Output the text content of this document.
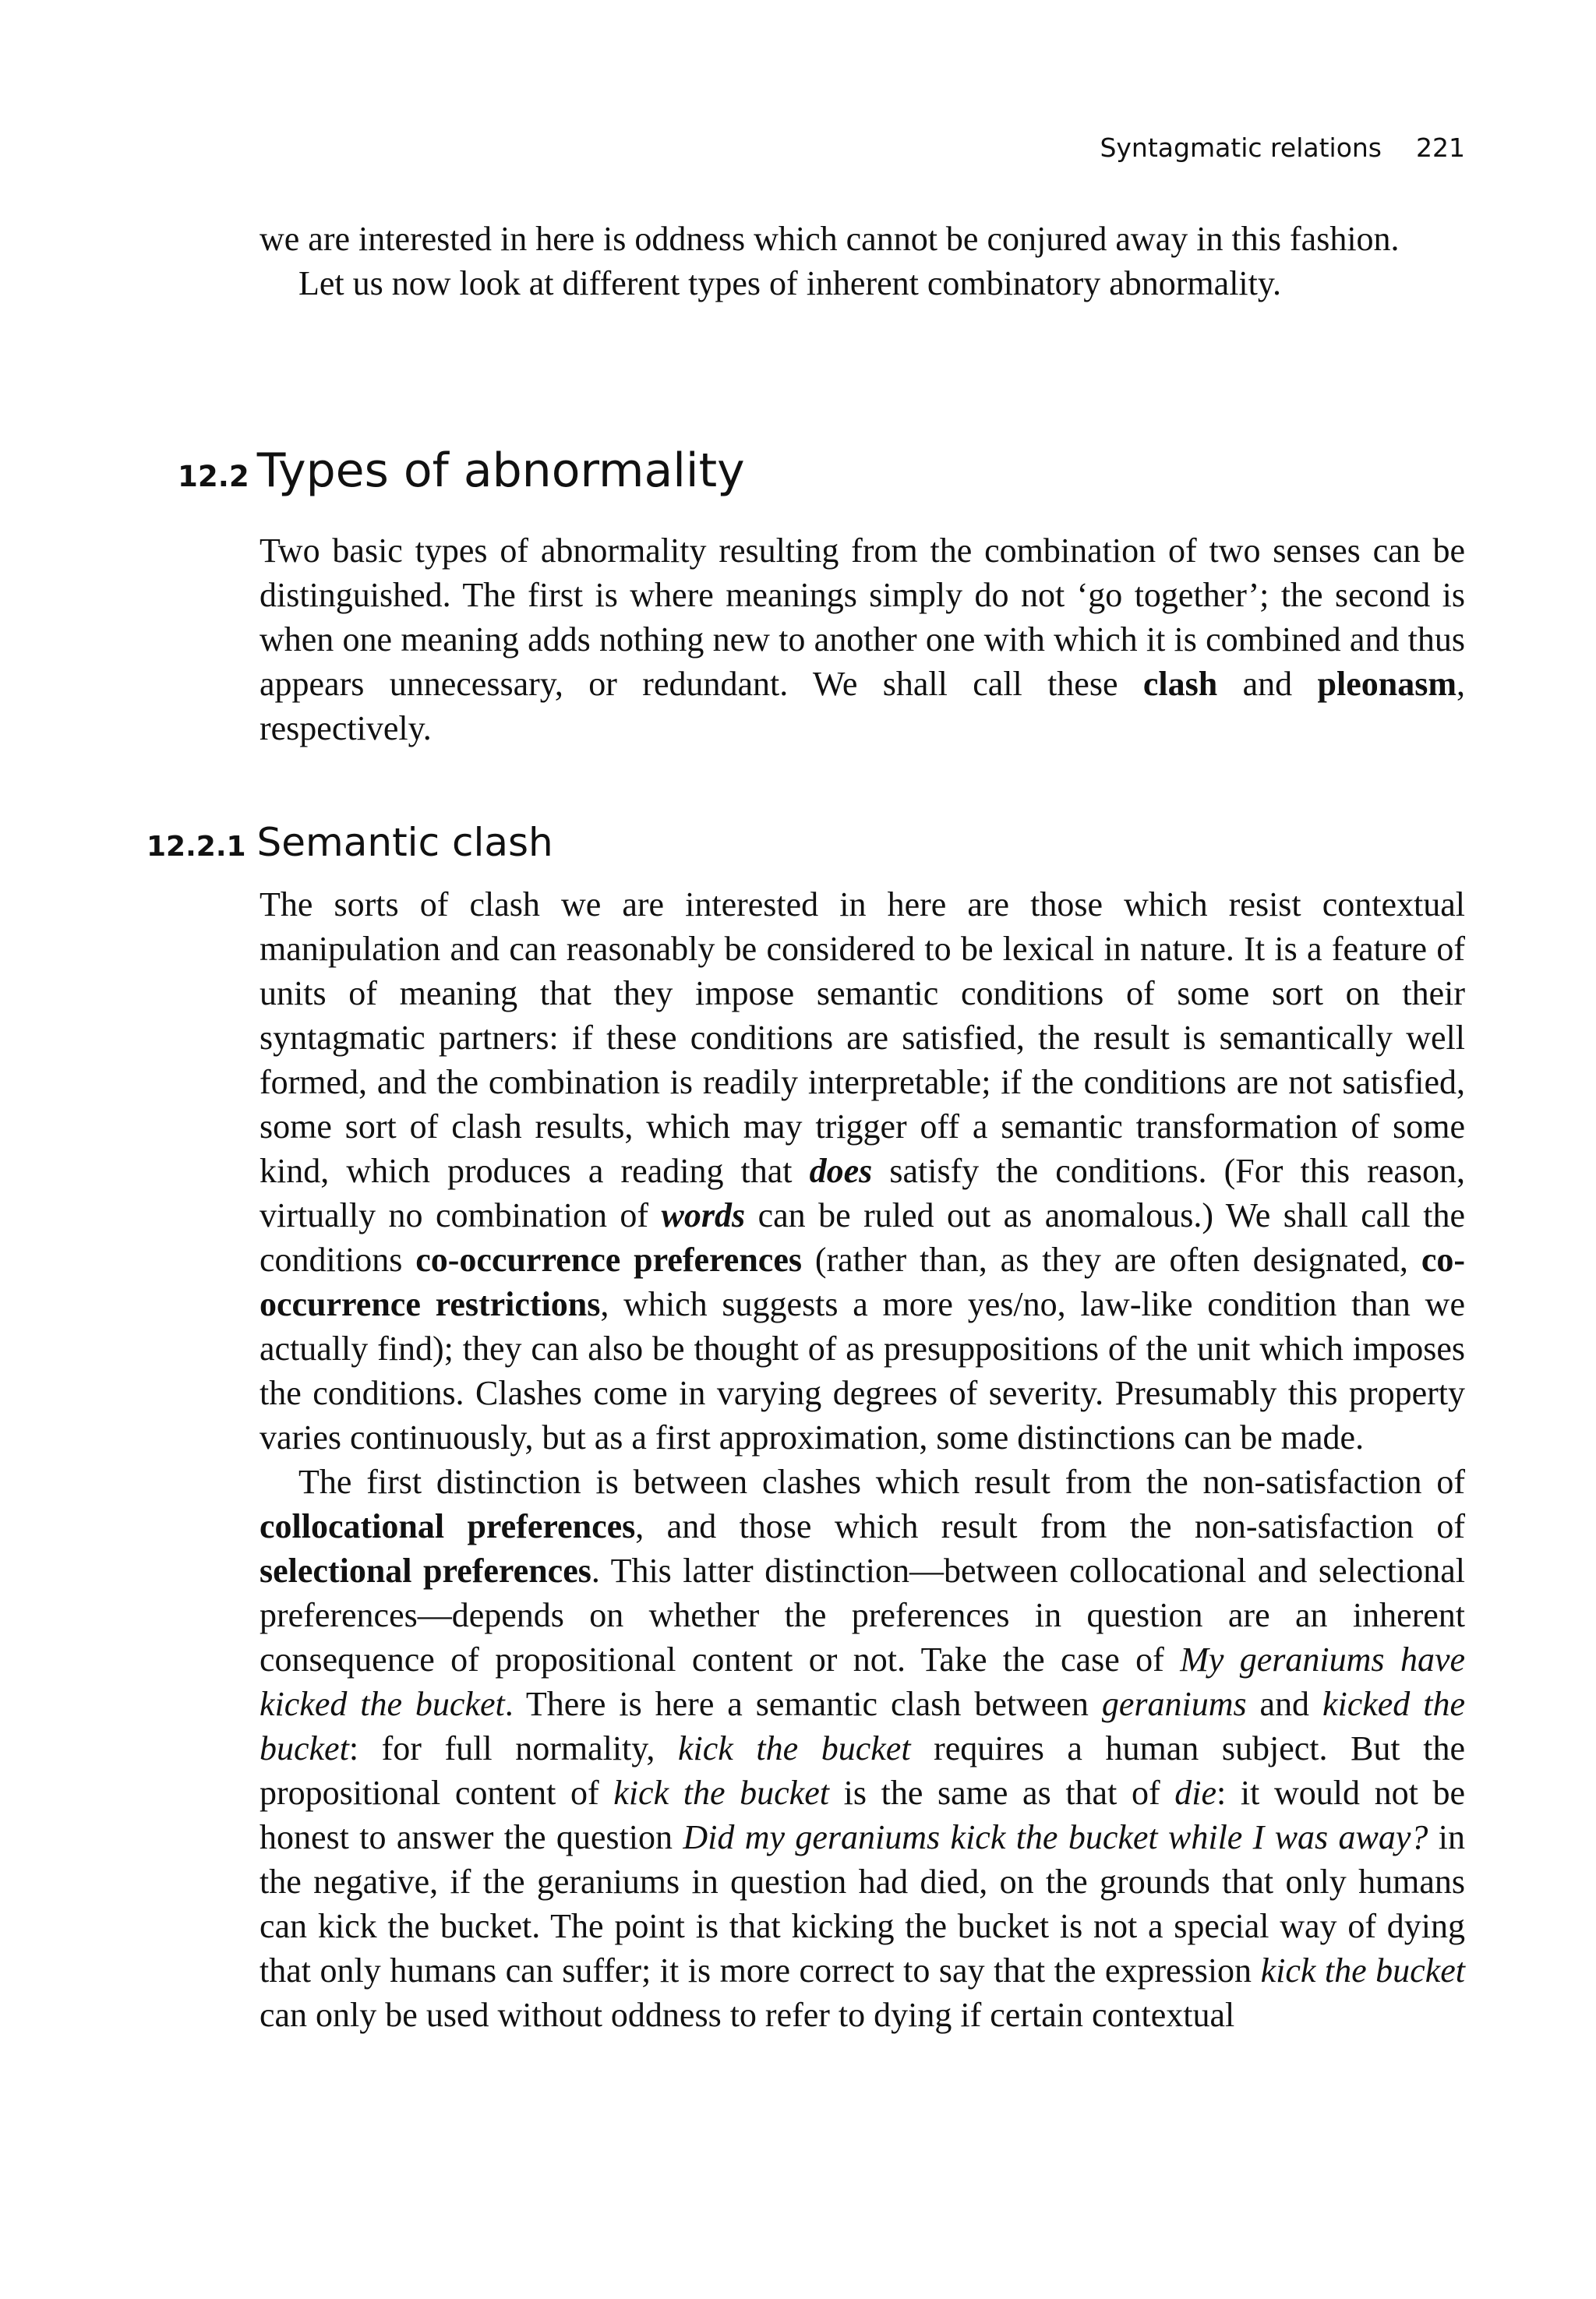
Syntagmatic relations 221

we are interested in here is oddness which cannot be conjured away in this fashion.

Let us now look at different types of inherent combinatory abnormality.

12.2 Types of abnormality

Two basic types of abnormality resulting from the combination of two senses can be distinguished. The first is where meanings simply do not ‘go together’; the second is when one meaning adds nothing new to another one with which it is combined and thus appears unnecessary, or redundant. We shall call these clash and pleonasm, respectively.

12.2.1 Semantic clash

The sorts of clash we are interested in here are those which resist contextual manipulation and can reasonably be considered to be lexical in nature. It is a feature of units of meaning that they impose semantic conditions of some sort on their syntagmatic partners: if these conditions are satisfied, the result is semantically well formed, and the combination is readily interpretable; if the conditions are not satisfied, some sort of clash results, which may trigger off a semantic transformation of some kind, which produces a reading that does satisfy the conditions. (For this reason, virtually no combination of words can be ruled out as anomalous.) We shall call the conditions co-occurrence preferences (rather than, as they are often designated, co-occurrence restrictions, which suggests a more yes/no, law-like condition than we actually find); they can also be thought of as presuppositions of the unit which imposes the conditions. Clashes come in varying degrees of severity. Presumably this property varies continuously, but as a first approximation, some distinctions can be made.

The first distinction is between clashes which result from the non-satisfaction of collocational preferences, and those which result from the non-satisfaction of selectional preferences. This latter distinction—between collocational and selectional preferences—depends on whether the preferences in question are an inherent consequence of propositional content or not. Take the case of My geraniums have kicked the bucket. There is here a semantic clash between geraniums and kicked the bucket: for full normality, kick the bucket requires a human subject. But the propositional content of kick the bucket is the same as that of die: it would not be honest to answer the question Did my geraniums kick the bucket while I was away? in the negative, if the geraniums in question had died, on the grounds that only humans can kick the bucket. The point is that kicking the bucket is not a special way of dying that only humans can suffer; it is more correct to say that the expression kick the bucket can only be used without oddness to refer to dying if certain contextual
